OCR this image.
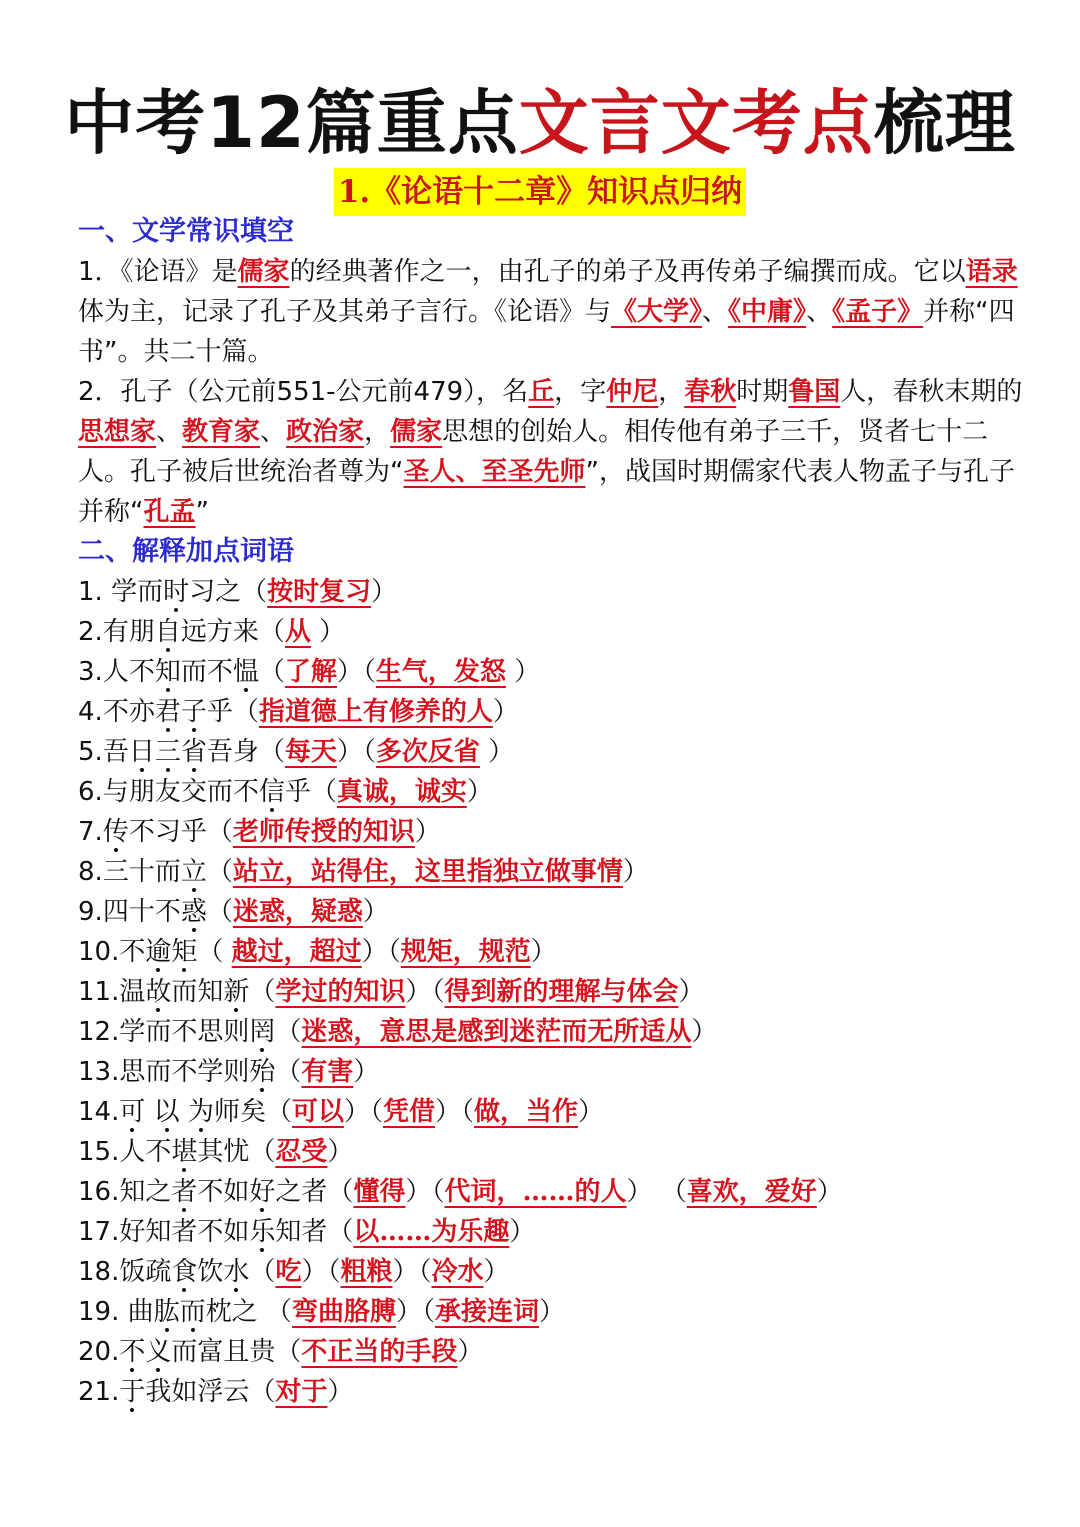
中考12篇重点文言文考点梳理
1.《论语十二章》知识点归纳
一、文学常识填空

1．《论语》是儒家的经典著作之一，由孔子的弟子及再传弟子编撰而成。它以语录体为主，记录了孔子及其弟子言行。《论语》与《大学》、《中庸》、《孟子》并称“四书”。共二十篇。

2．孔子（公元前551-公元前479），名丘，字仲尼，春秋时期鲁国人，春秋末期的思想家、教育家、政治家，儒家思想的创始人。相传他有弟子三千，贤者七十二人。孔子被后世统治者尊为“圣人、至圣先师”，战国时期儒家代表人物孟子与孔子并称“孔孟”

二、解释加点词语
1. 学而时习之（按时复习）
2.有朋自远方来（从 ）
3.人不知而不愠（了解）（生气，发怒 ）
4.不亦君子乎（指道德上有修养的人）
5.吾日三省吾身（每天）（多次反省 ）
6.与朋友交而不信乎（真诚，诚实）
7.传不习乎（老师传授的知识）
8.三十而立（站立，站得住，这里指独立做事情）
9.四十不惑（迷惑，疑惑）
10.不逾矩（ 越过，超过）（规矩，规范）
11.温故而知新（学过的知识）（得到新的理解与体会）
12.学而不思则罔（迷惑，意思是感到迷茫而无所适从）
13.思而不学则殆（有害）
14.可 以 为师矣（可以）（凭借）（做，当作）
15.人不堪其忧（忍受）
16.知之者不如好之者（懂得）（代词，……的人） （喜欢，爱好）
17.好知者不如乐知者（以……为乐趣）
18.饭疏食饮水（吃）（粗粮）（冷水）
19. 曲肱而枕之 （弯曲胳膊）（承接连词）
20.不义而富且贵（不正当的手段）
21.于我如浮云（对于）
